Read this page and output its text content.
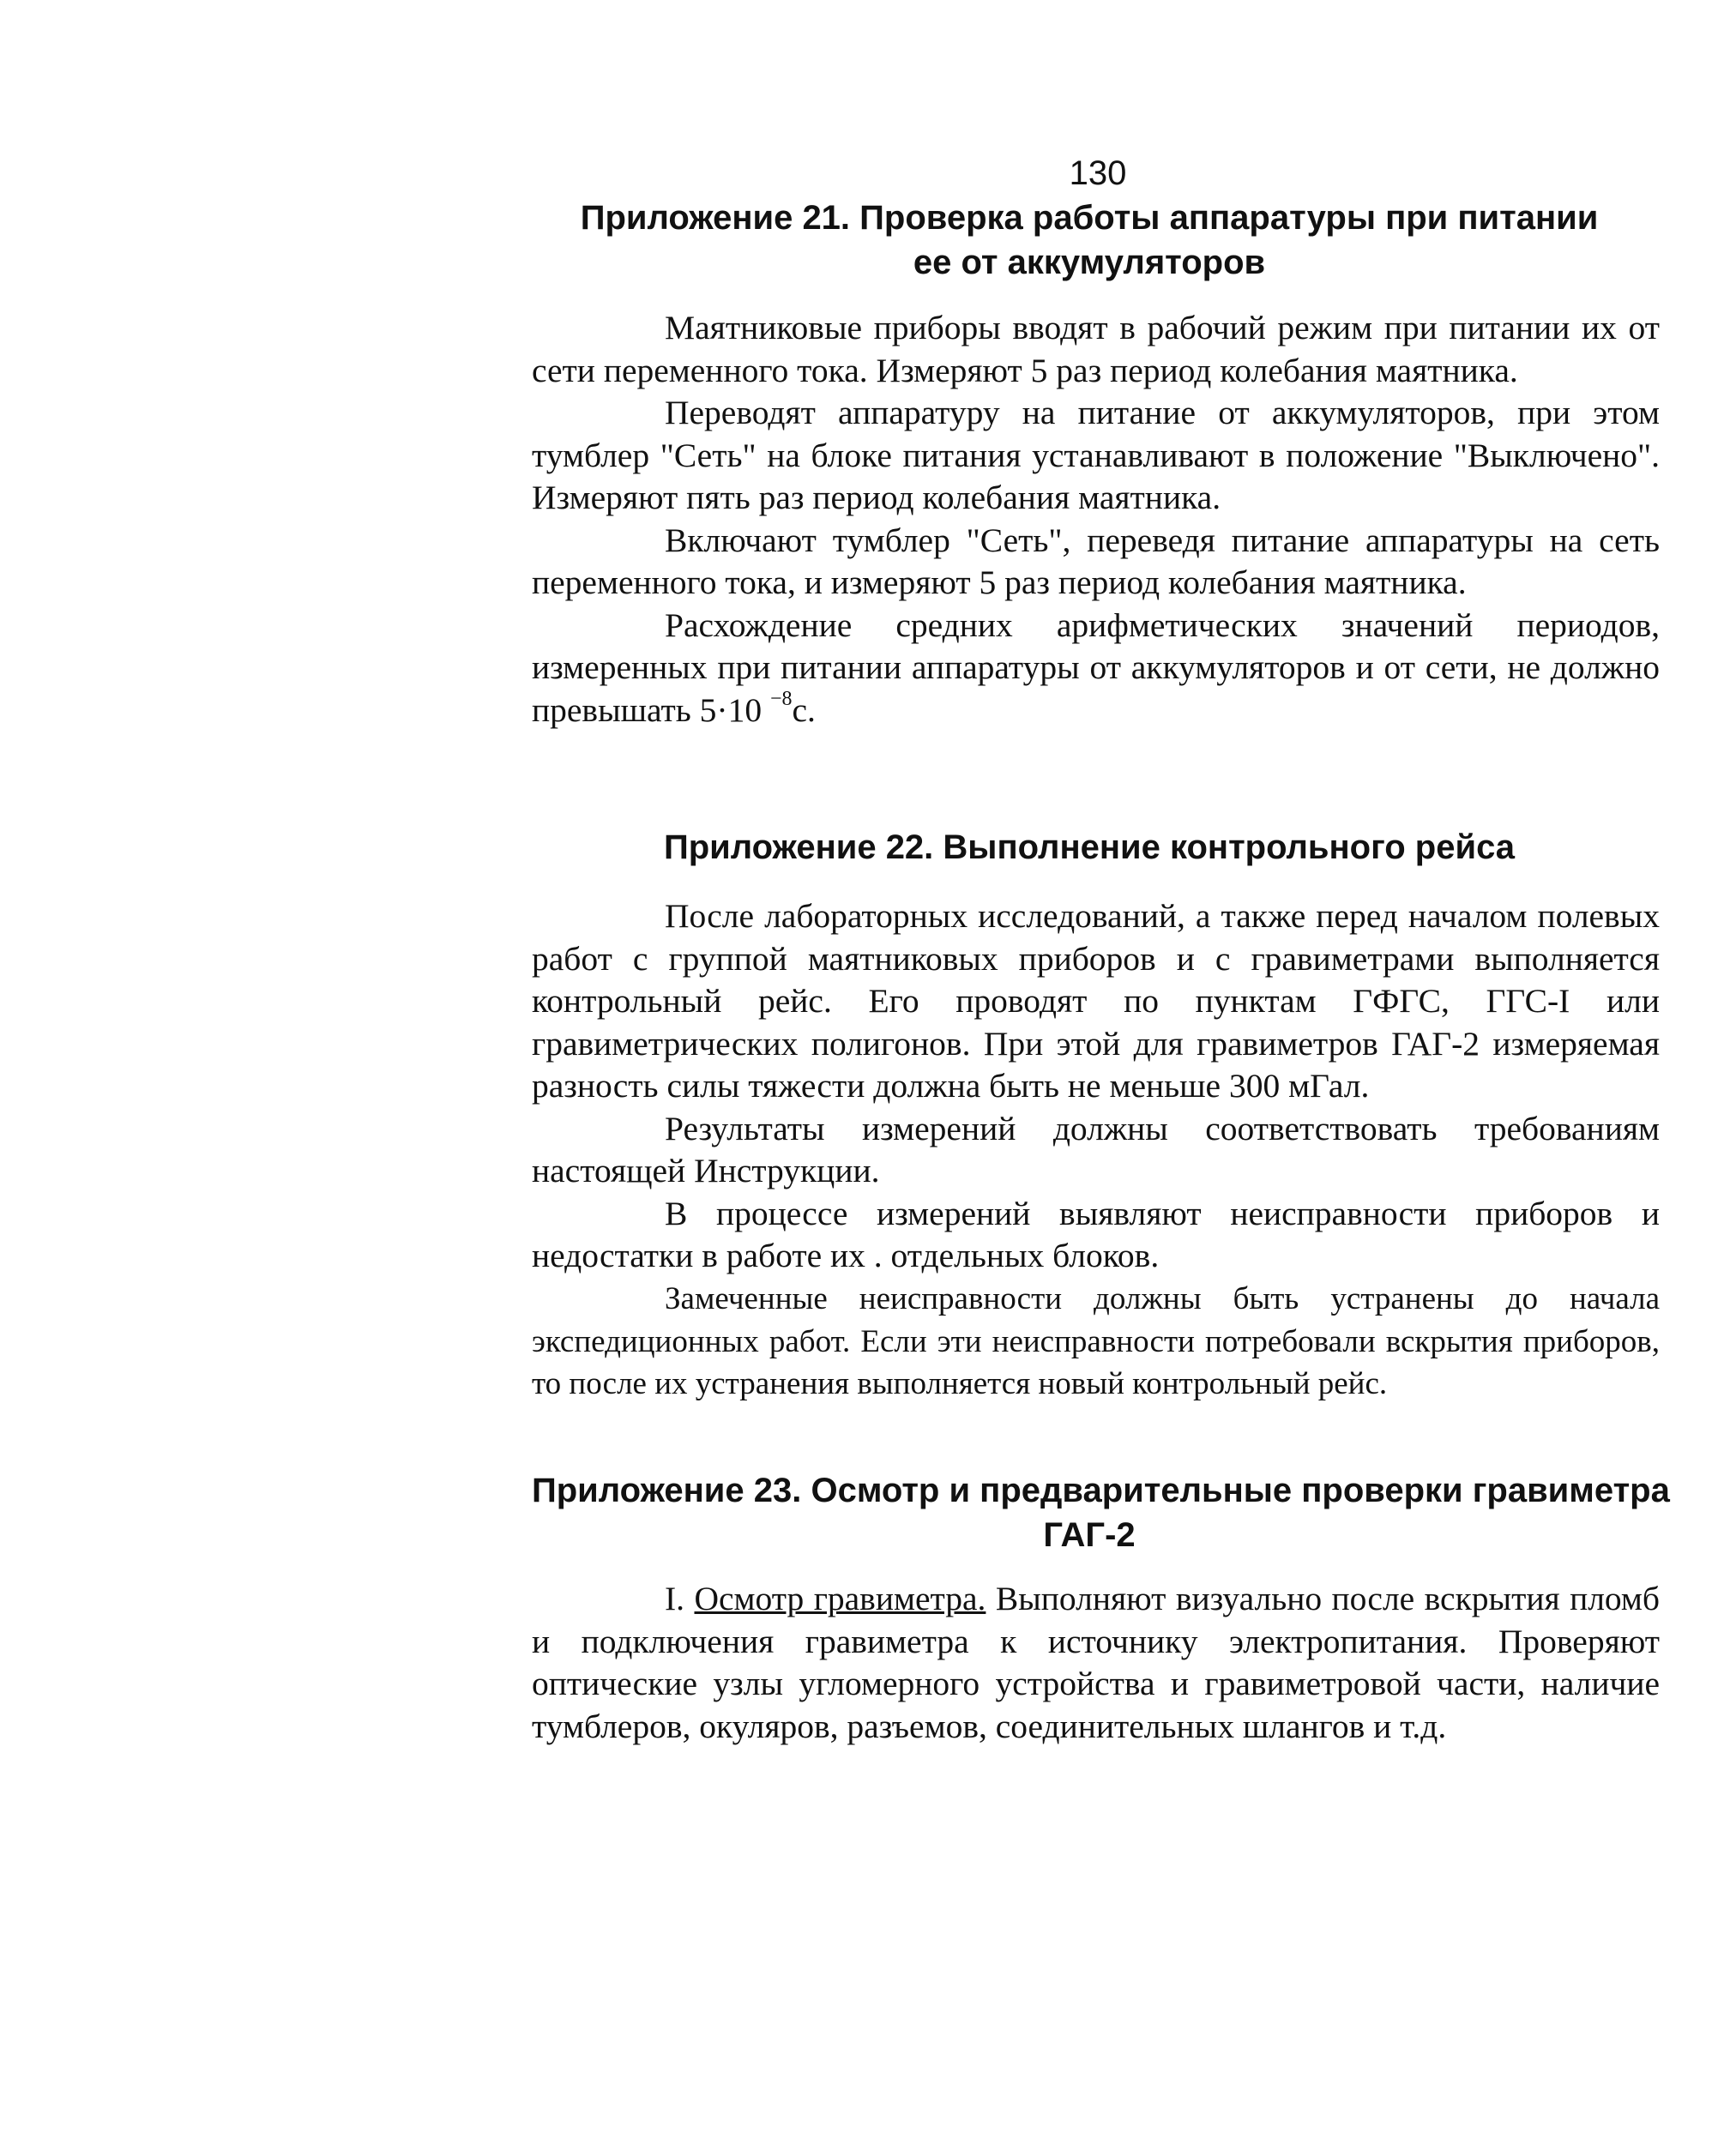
130
Приложение 21. Проверка работы аппаратуры при питании
ее от аккумуляторов

Маятниковые приборы вводят в рабочий режим при питании их от сети переменного тока. Измеряют 5 раз период колебания маятника.

Переводят аппаратуру на питание от аккумуляторов, при этом тумблер "Сеть" на блоке питания устанавливают в положение "Выключено". Измеряют пять раз период колебания маятника.

Включают тумблер "Сеть", переведя питание аппаратуры на сеть переменного тока, и измеряют 5 раз период колебания маятника.

Расхождение средних арифметических значений периодов, измеренных при питании аппаратуры от аккумуляторов и от сети, не должно превышать 5·10 $^{-8}$с.

Приложение 22. Выполнение контрольного рейса

После лабораторных исследований, а также перед началом полевых работ с группой маятниковых приборов и с гравиметрами выполняется контрольный рейс. Его проводят по пунктам ГФГС, ГГС-I или гравиметрических полигонов. При этой для гравиметров ГАГ-2 измеряемая разность силы тяжести должна быть не меньше 300 мГал.

Результаты измерений должны соответствовать требованиям настоящей Инструкции.

В процессе измерений выявляют неисправности приборов и недостатки в работе их . отдельных блоков.

Замеченные неисправности должны быть устранены до начала экспедиционных работ. Если эти неисправности потребовали вскрытия приборов, то после их устранения выполняется новый контрольный рейс.

Приложение 23. Осмотр и предварительные проверки гравиметра
ГАГ-2

I. Осмотр гравиметра. Выполняют визуально после вскрытия пломб и подключения гравиметра к источнику электропитания. Проверяют оптические узлы угломерного устройства и гравиметровой части, наличие тумблеров, окуляров, разъемов, соединительных шлангов и т.д.
